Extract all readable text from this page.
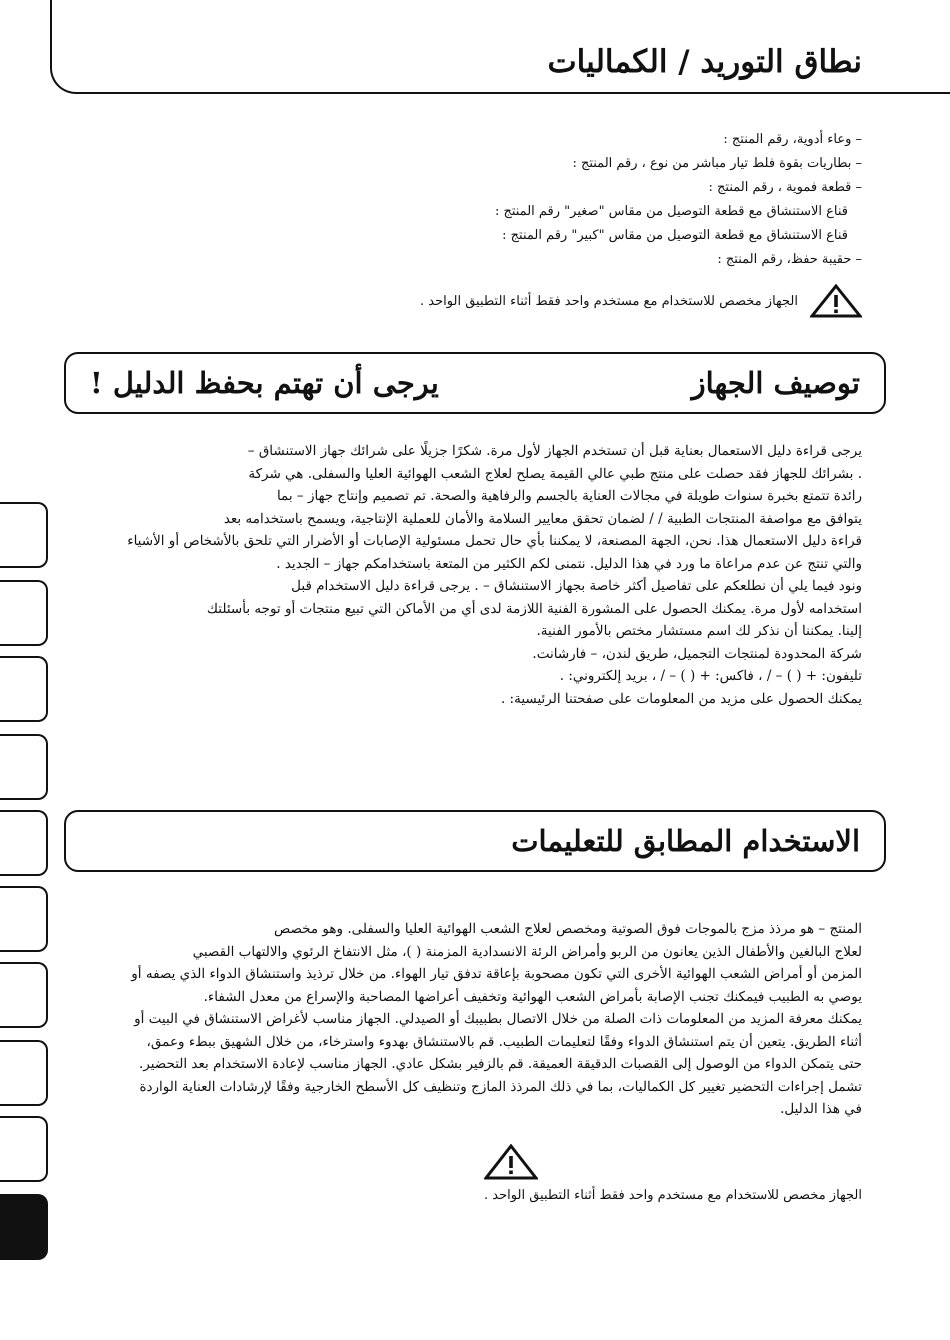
نطاق التوريد / الكماليات

– وعاء أدوية، رقم المنتج :

– بطاريات بقوة فلط تيار مباشر من نوع ، رقم المنتج :

– قطعة فموية ، رقم المنتج :

قناع الاستنشاق مع قطعة التوصيل من مقاس "صغير" رقم المنتج :

قناع الاستنشاق مع قطعة التوصيل من مقاس "كبير" رقم المنتج :

– حقيبة حفظ، رقم المنتج :

الجهاز مخصص للاستخدام مع مستخدم واحد فقط أثناء التطبيق الواحد .
توصيف الجهاز
يرجى أن تهتم بحفظ الدليل !

يرجى قراءة دليل الاستعمال بعناية قبل أن تستخدم الجهاز لأول مرة. شكرًا جزيلًا على شرائك جهاز الاستنشاق –

. بشرائك للجهاز فقد حصلت على منتج طبي عالي القيمة يصلح لعلاج الشعب الهوائية العليا والسفلى. هي شركة

رائدة تتمتع بخبرة سنوات طويلة في مجالات العناية بالجسم والرفاهية والصحة. تم تصميم وإنتاج جهاز – بما

يتوافق مع مواصفة المنتجات الطبية / / لضمان تحقق معايير السلامة والأمان للعملية الإنتاجية، ويسمح باستخدامه بعد

قراءة دليل الاستعمال هذا. نحن، الجهة المصنعة، لا يمكننا بأي حال تحمل مسئولية الإصابات أو الأضرار التي تلحق بالأشخاص أو الأشياء

والتي تنتج عن عدم مراعاة ما ورد في هذا الدليل. نتمنى لكم الكثير من المتعة باستخدامكم جهاز – الجديد .

ونود فيما يلي أن نطلعكم على تفاصيل أكثر خاصة بجهاز الاستنشاق – . يرجى قراءة دليل الاستخدام قبل

استخدامه لأول مرة. يمكنك الحصول على المشورة الفنية اللازمة لدى أي من الأماكن التي تبيع منتجات أو توجه بأسئلتك

إلينا. يمكننا أن نذكر لك اسم مستشار مختص بالأمور الفنية.

شركة المحدودة لمنتجات التجميل، طريق لندن، – فارشانت.

تليفون: + ( ) – / ، فاكس: + ( ) – / ، بريد إلكتروني: .

يمكنك الحصول على مزيد من المعلومات على صفحتنا الرئيسية: .

الاستخدام المطابق للتعليمات

المنتج – هو مرذذ مزج بالموجات فوق الصوتية ومخصص لعلاج الشعب الهوائية العليا والسفلى. وهو مخصص

لعلاج البالغين والأطفال الذين يعانون من الربو وأمراض الرئة الانسدادية المزمنة ( )، مثل الانتفاخ الرئوي والالتهاب القصبي

المزمن أو أمراض الشعب الهوائية الأخرى التي تكون مصحوبة بإعاقة تدفق تيار الهواء. من خلال ترذيذ واستنشاق الدواء الذي يصفه أو

يوصي به الطبيب فيمكنك تجنب الإصابة بأمراض الشعب الهوائية وتخفيف أعراضها المصاحبة والإسراع من معدل الشفاء.

يمكنك معرفة المزيد من المعلومات ذات الصلة من خلال الاتصال بطبيبك أو الصيدلي. الجهاز مناسب لأغراض الاستنشاق في البيت أو

أثناء الطريق. يتعين أن يتم استنشاق الدواء وفقًا لتعليمات الطبيب. قم بالاستنشاق بهدوء واسترخاء، من خلال الشهيق ببطء وعمق،

حتى يتمكن الدواء من الوصول إلى القصبات الدقيقة العميقة. قم بالزفير بشكل عادي. الجهاز مناسب لإعادة الاستخدام بعد التحضير.

تشمل إجراءات التحضير تغيير كل الكماليات، بما في ذلك المرذذ المازج وتنظيف كل الأسطح الخارجية وفقًا لإرشادات العناية الواردة

في هذا الدليل.

الجهاز مخصص للاستخدام مع مستخدم واحد فقط أثناء التطبيق الواحد .
